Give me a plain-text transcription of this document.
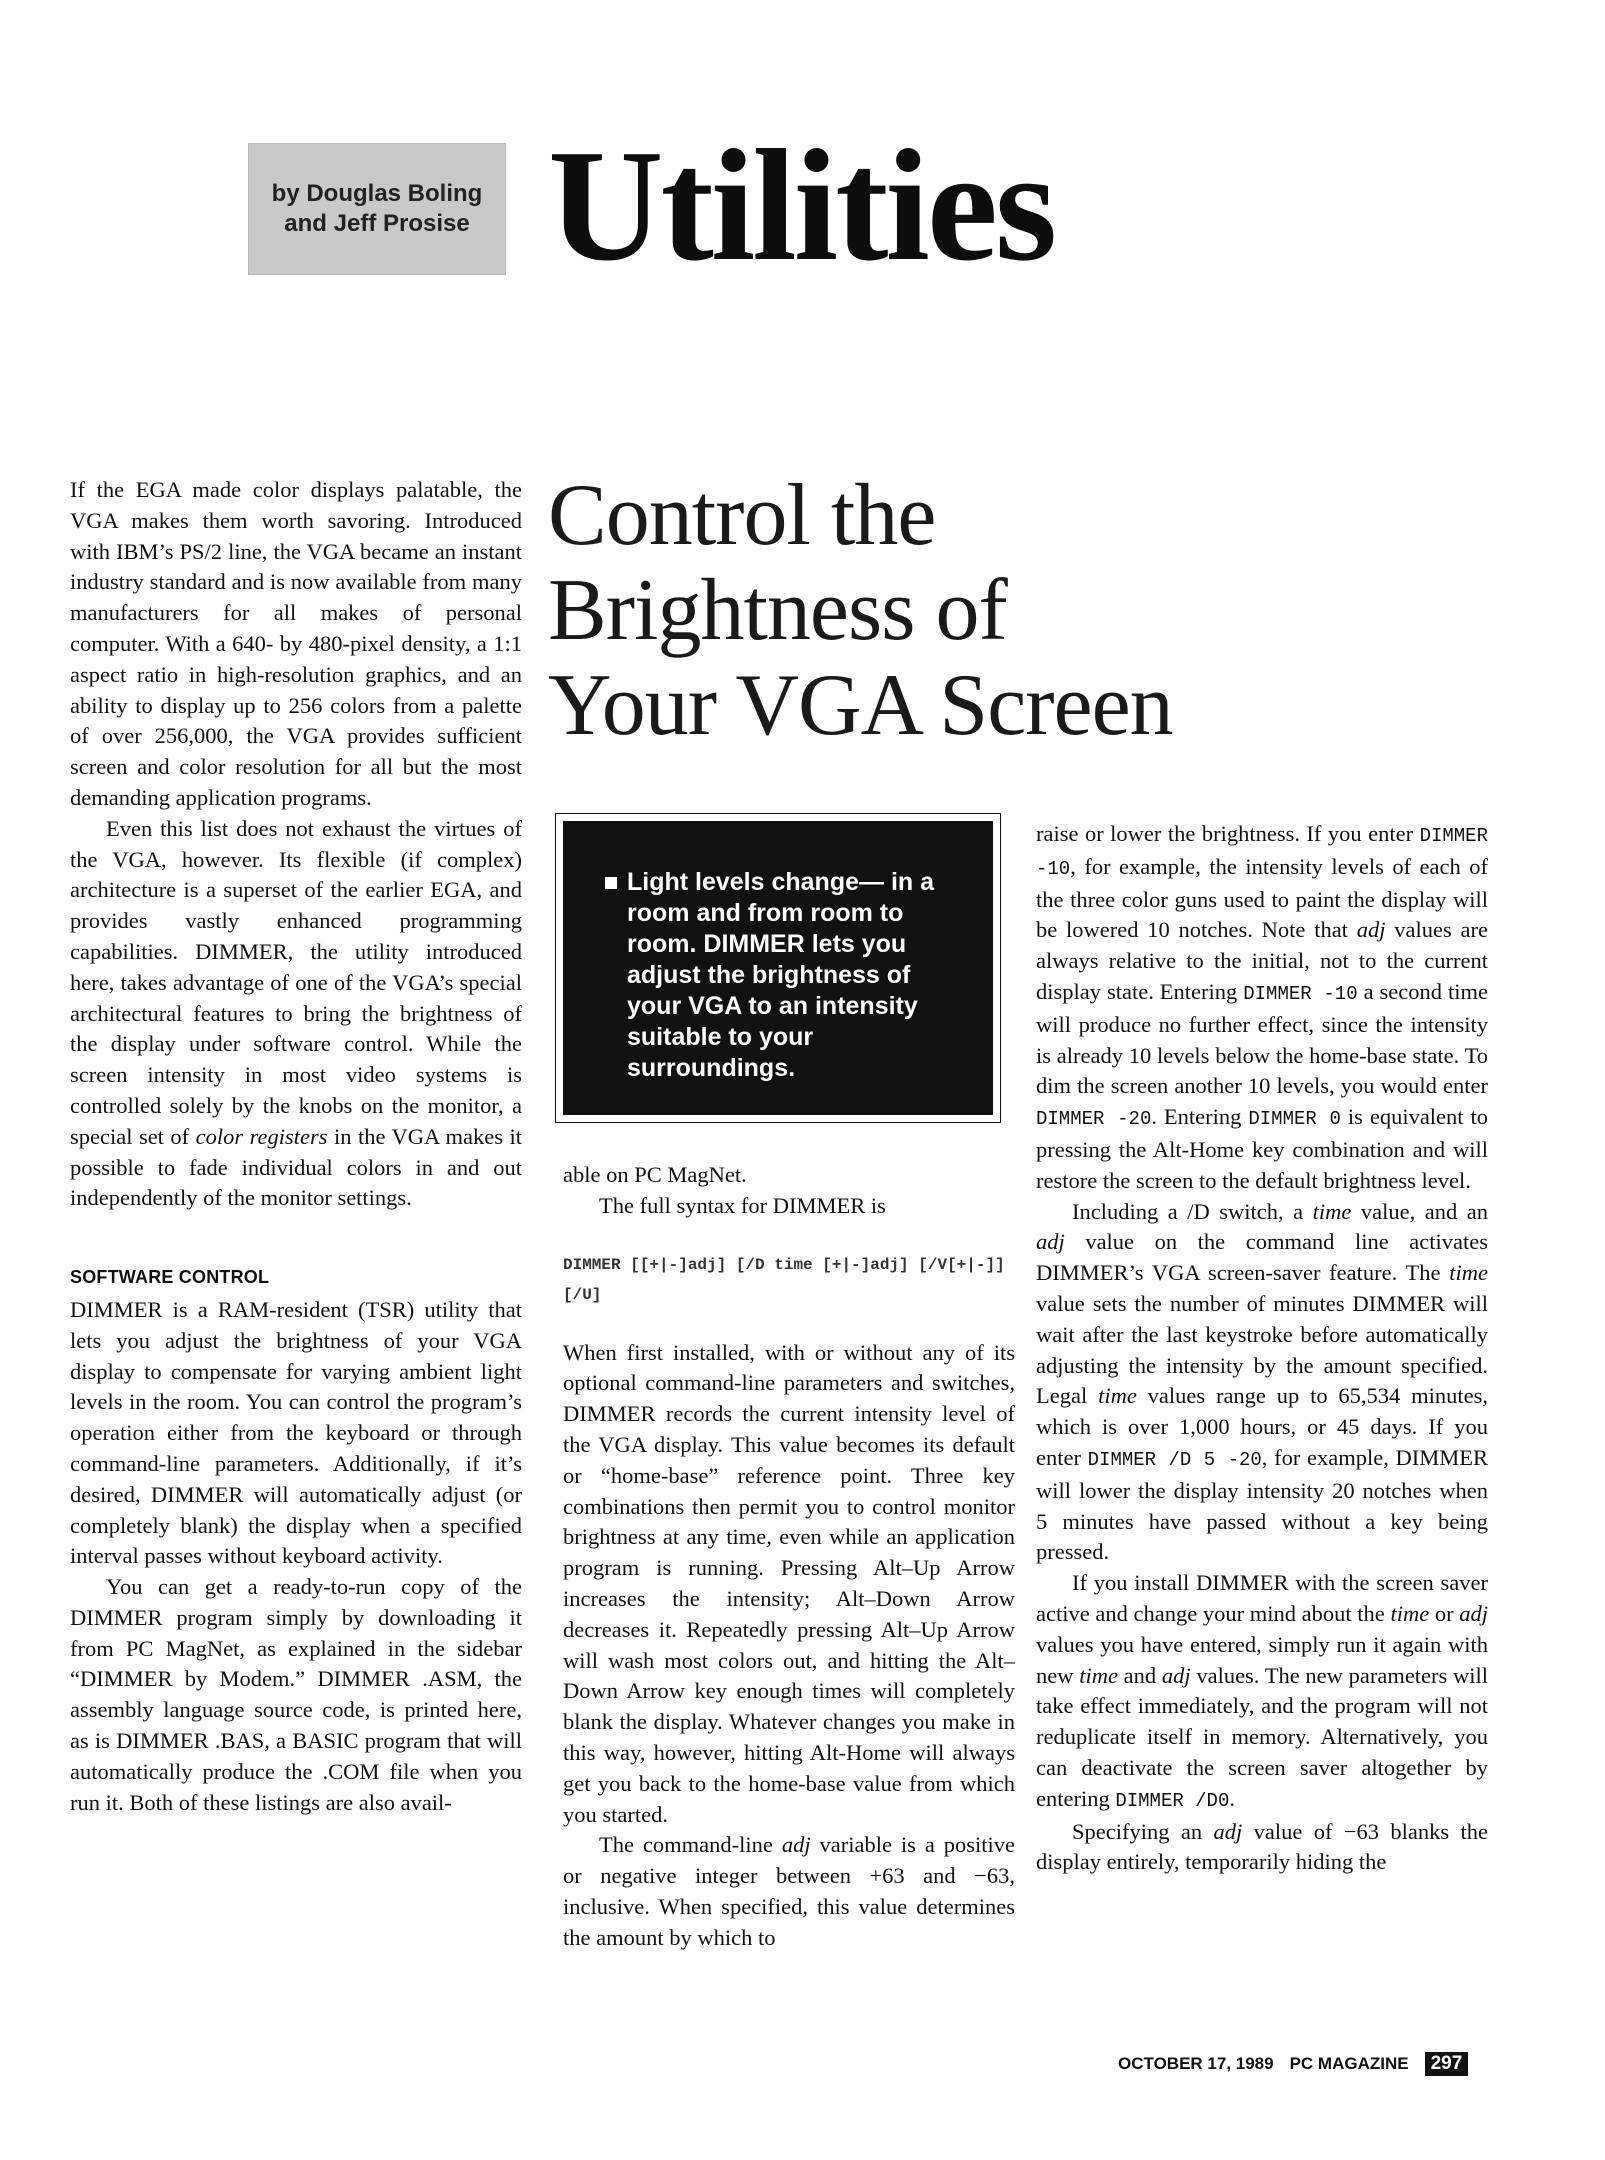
by Douglas Boling
and Jeff Prosise Utilities
Control the
Brightness of
Your VGA Screen

If the EGA made color displays palatable, the VGA makes them worth savoring. Introduced with IBM’s PS/2 line, the VGA became an instant industry standard and is now available from many manufacturers for all makes of personal computer. With a 640- by 480-pixel density, a 1:1 aspect ratio in high-resolution graphics, and an ability to display up to 256 colors from a palette of over 256,000, the VGA provides sufficient screen and color resolution for all but the most demanding application programs.

Even this list does not exhaust the virtues of the VGA, however. Its flexible (if complex) architecture is a superset of the earlier EGA, and provides vastly enhanced programming capabilities. DIMMER, the utility introduced here, takes advantage of one of the VGA’s special architectural features to bring the brightness of the display under software control. While the screen intensity in most video systems is controlled solely by the knobs on the monitor, a special set of color registers in the VGA makes it possible to fade individual colors in and out independently of the monitor settings.

SOFTWARE CONTROL

DIMMER is a RAM-resident (TSR) utility that lets you adjust the brightness of your VGA display to compensate for varying ambient light levels in the room. You can control the program’s operation either from the keyboard or through command-line parameters. Additionally, if it’s desired, DIMMER will automatically adjust (or completely blank) the display when a specified interval passes without keyboard activity.

You can get a ready-to-run copy of the DIMMER program simply by downloading it from PC MagNet, as explained in the sidebar “DIMMER by Modem.” DIMMER .ASM, the assembly language source code, is printed here, as is DIMMER .BAS, a BASIC program that will automatically produce the .COM file when you run it. Both of these listings are also avail-

Light levels change— in a room and from room to room. DIMMER lets you adjust the brightness of your VGA to an intensity suitable to your surroundings.

able on PC MagNet.

The full syntax for DIMMER is

DIMMER [[+|-]adj] [/D time [+|-]adj] [/V[+|-]] [/U]

When first installed, with or without any of its optional command-line parameters and switches, DIMMER records the current intensity level of the VGA display. This value becomes its default or “home-base” reference point. Three key combinations then permit you to control monitor brightness at any time, even while an application program is running. Pressing Alt–Up Arrow increases the intensity; Alt–Down Arrow decreases it. Repeatedly pressing Alt–Up Arrow will wash most colors out, and hitting the Alt–Down Arrow key enough times will completely blank the display. Whatever changes you make in this way, however, hitting Alt-Home will always get you back to the home-base value from which you started.

The command-line adj variable is a positive or negative integer between +63 and −63, inclusive. When specified, this value determines the amount by which to

raise or lower the brightness. If you enter DIMMER -10, for example, the intensity levels of each of the three color guns used to paint the display will be lowered 10 notches. Note that adj values are always relative to the initial, not to the current display state. Entering DIMMER -10 a second time will produce no further effect, since the intensity is already 10 levels below the home-base state. To dim the screen another 10 levels, you would enter DIMMER -20. Entering DIMMER 0 is equivalent to pressing the Alt-Home key combination and will restore the screen to the default brightness level.

Including a /D switch, a time value, and an adj value on the command line activates DIMMER’s VGA screen-saver feature. The time value sets the number of minutes DIMMER will wait after the last keystroke before automatically adjusting the intensity by the amount specified. Legal time values range up to 65,534 minutes, which is over 1,000 hours, or 45 days. If you enter DIMMER /D 5 -20, for example, DIMMER will lower the display intensity 20 notches when 5 minutes have passed without a key being pressed.

If you install DIMMER with the screen saver active and change your mind about the time or adj values you have entered, simply run it again with new time and adj values. The new parameters will take effect immediately, and the program will not reduplicate itself in memory. Alternatively, you can deactivate the screen saver altogether by entering DIMMER /D0.

Specifying an adj value of −63 blanks the display entirely, temporarily hiding the

OCTOBER 17, 1989 PC MAGAZINE	297
